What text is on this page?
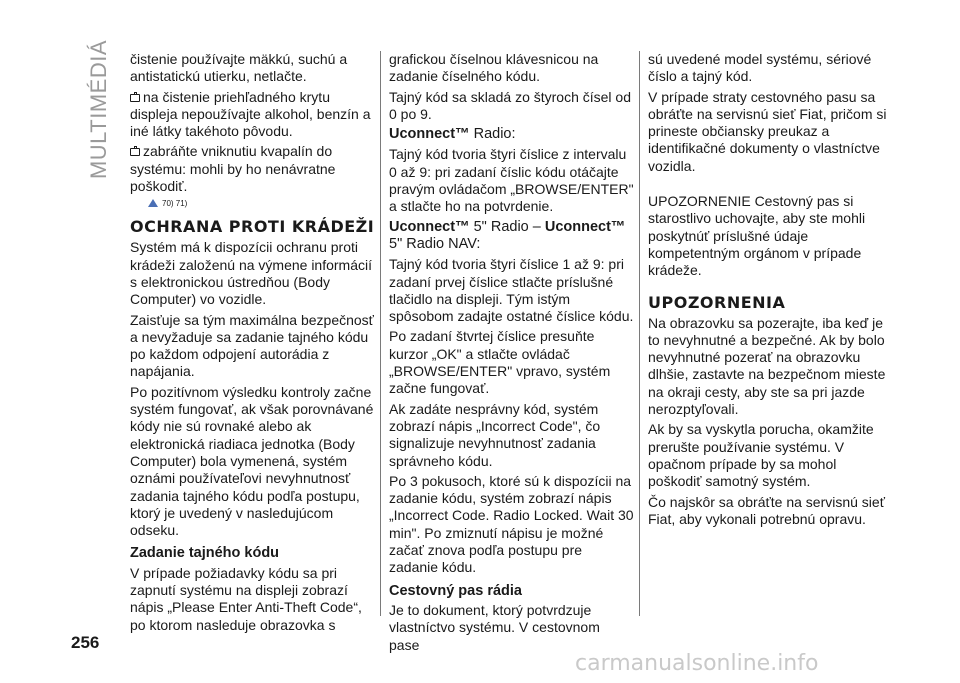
MULTIMÉDIÁ čistenie používajte mäkkú, suchú a antistatickú utierku, netlačte.

na čistenie priehľadného krytu displeja nepoužívajte alkohol, benzín a iné látky takéhoto pôvodu.

zabráňte vniknutiu kvapalín do systému: mohli by ho nenávratne poškodiť.

70) 71)
OCHRANA PROTI KRÁDEŽI

Systém má k dispozícii ochranu proti krádeži založenú na výmene informácií s elektronickou ústredňou (Body Computer) vo vozidle.

Zaisťuje sa tým maximálna bezpečnosť a nevyžaduje sa zadanie tajného kódu po každom odpojení autorádia z napájania.

Po pozitívnom výsledku kontroly začne systém fungovať, ak však porovnávané kódy nie sú rovnaké alebo ak elektronická riadiaca jednotka (Body Computer) bola vymenená, systém oznámi používateľovi nevyhnutnosť zadania tajného kódu podľa postupu, ktorý je uvedený v nasledujúcom odseku.

Zadanie tajného kódu

V prípade požiadavky kódu sa pri zapnutí systému na displeji zobrazí nápis „Please Enter Anti-Theft Code“, po ktorom nasleduje obrazovka s

grafickou číselnou klávesnicou na zadanie číselného kódu.

Tajný kód sa skladá zo štyroch čísel od 0 po 9.

Uconnect™ Radio:

Tajný kód tvoria štyri číslice z intervalu 0 až 9: pri zadaní číslic kódu otáčajte pravým ovládačom „BROWSE/ENTER" a stlačte ho na potvrdenie.

Uconnect™ 5" Radio – Uconnect™
5" Radio NAV:

Tajný kód tvoria štyri číslice 1 až 9: pri zadaní prvej číslice stlačte príslušné tlačidlo na displeji. Tým istým spôsobom zadajte ostatné číslice kódu.

Po zadaní štvrtej číslice presuňte kurzor „OK" a stlačte ovládač „BROWSE/ENTER" vpravo, systém začne fungovať.

Ak zadáte nesprávny kód, systém zobrazí nápis „Incorrect Code", čo signalizuje nevyhnutnosť zadania správneho kódu.

Po 3 pokusoch, ktoré sú k dispozícii na zadanie kódu, systém zobrazí nápis „Incorrect Code. Radio Locked. Wait 30 min". Po zmiznutí nápisu je možné začať znova podľa postupu pre zadanie kódu.

Cestovný pas rádia

Je to dokument, ktorý potvrdzuje vlastníctvo systému. V cestovnom pase

sú uvedené model systému, sériové číslo a tajný kód.

V prípade straty cestovného pasu sa obráťte na servisnú sieť Fiat, pričom si prineste občiansky preukaz a identifikačné dokumenty o vlastníctve vozidla.

UPOZORNENIE Cestovný pas si starostlivo uchovajte, aby ste mohli poskytnúť príslušné údaje kompetentným orgánom v prípade krádeže.

UPOZORNENIA

Na obrazovku sa pozerajte, iba keď je to nevyhnutné a bezpečné. Ak by bolo nevyhnutné pozerať na obrazovku dlhšie, zastavte na bezpečnom mieste na okraji cesty, aby ste sa pri jazde nerozptyľovali.

Ak by sa vyskytla porucha, okamžite prerušte používanie systému. V opačnom prípade by sa mohol poškodiť samotný systém.

Čo najskôr sa obráťte na servisnú sieť Fiat, aby vykonali potrebnú opravu.

256
carmanualsonline.info
